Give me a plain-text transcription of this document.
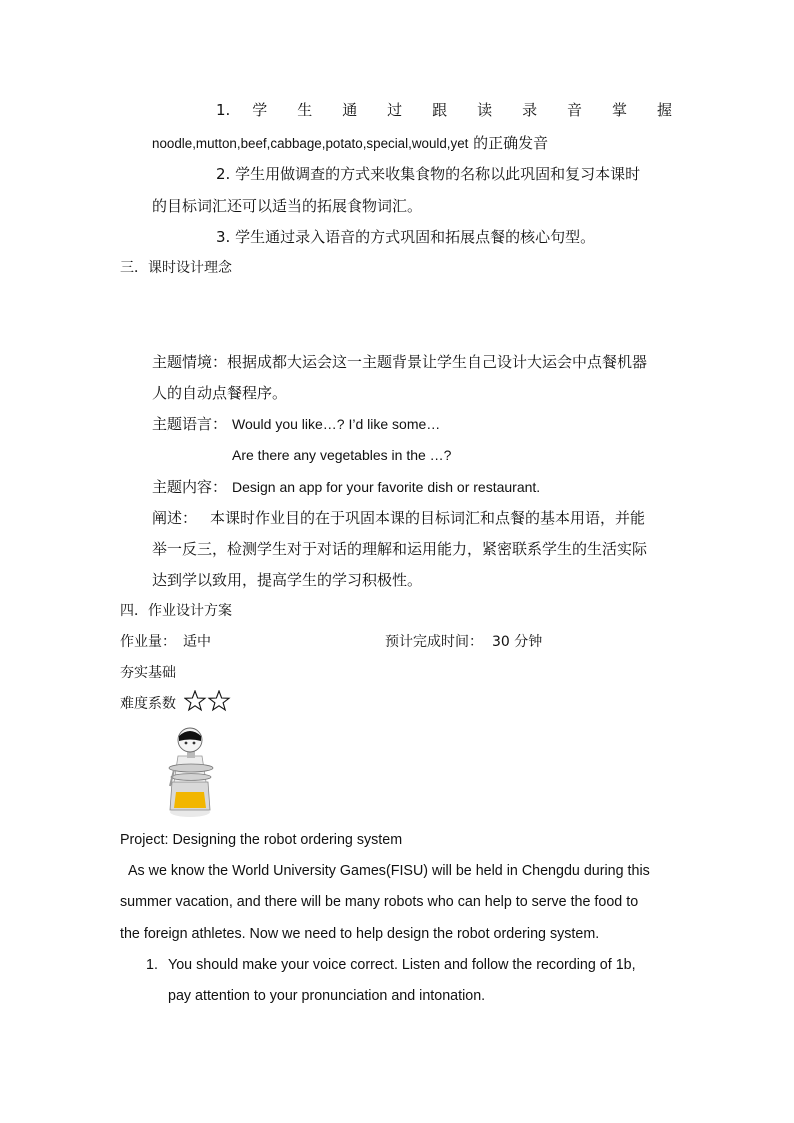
1. 学 生 通 过 跟 读 录 音 掌 握
noodle,mutton,beef,cabbage,potato,special,would,yet 的正确发音
2. 学生用做调查的方式来收集食物的名称以此巩固和复习本课时
的目标词汇还可以适当的拓展食物词汇。
3. 学生通过录入语音的方式巩固和拓展点餐的核心句型。
三．课时设计理念
主题情境：根据成都大运会这一主题背景让学生自己设计大运会中点餐机器
人的自动点餐程序。
主题语言： Would you like…? I’d like some…
Are there any vegetables in the …?
主题内容： Design an app for your favorite dish or restaurant.
阐述： 本课时作业目的在于巩固本课的目标词汇和点餐的基本用语，并能
举一反三，检测学生对于对话的理解和运用能力，紧密联系学生的生活实际
达到学以致用，提高学生的学习积极性。
四．作业设计方案
作业量： 适中	预计完成时间： 30 分钟
夯实基础
难度系数
Project: Designing the robot ordering system
As we know the World University Games(FISU) will be held in Chengdu during this
summer vacation, and there will be many robots who can help to serve the food to
the foreign athletes. Now we need to help design the robot ordering system.
1. You should make your voice correct. Listen and follow the recording of 1b,
pay attention to your pronunciation and intonation.
